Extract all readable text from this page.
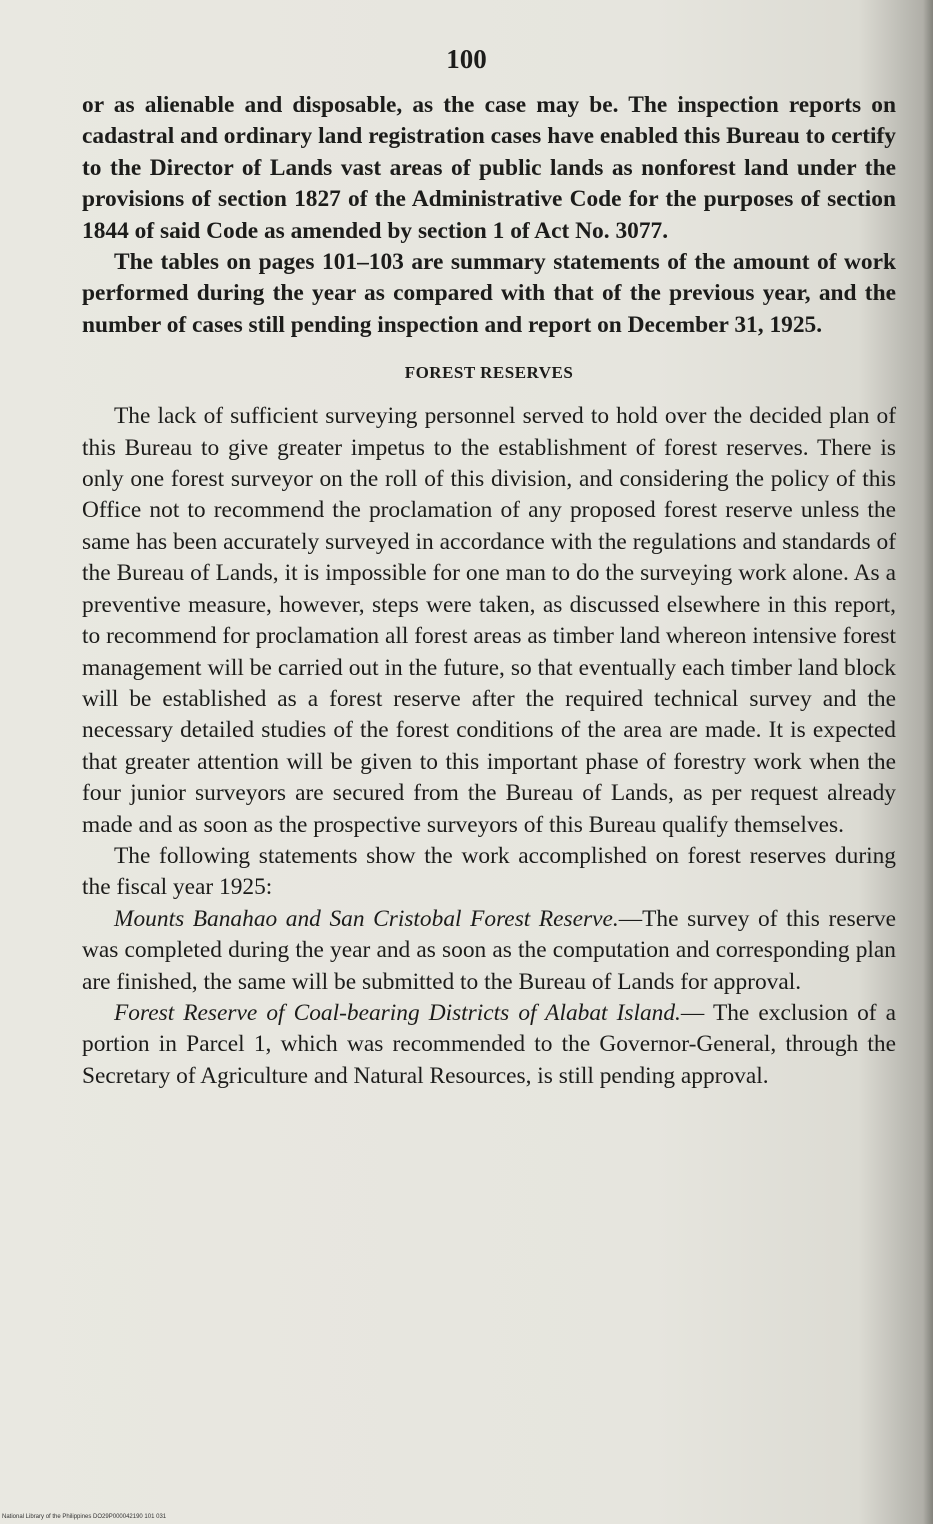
100

or as alienable and disposable, as the case may be. The inspection reports on cadastral and ordinary land registration cases have enabled this Bureau to certify to the Director of Lands vast areas of public lands as nonforest land under the provisions of section 1827 of the Administrative Code for the purposes of section 1844 of said Code as amended by section 1 of Act No. 3077.

The tables on pages 101–103 are summary statements of the amount of work performed during the year as compared with that of the previous year, and the number of cases still pending inspection and report on December 31, 1925.

FOREST RESERVES

The lack of sufficient surveying personnel served to hold over the decided plan of this Bureau to give greater impetus to the establishment of forest reserves. There is only one forest surveyor on the roll of this division, and considering the policy of this Office not to recommend the proclamation of any proposed forest reserve unless the same has been accurately surveyed in accordance with the regulations and standards of the Bureau of Lands, it is impossible for one man to do the surveying work alone. As a preventive measure, however, steps were taken, as discussed elsewhere in this report, to recommend for proclamation all forest areas as timber land whereon intensive forest management will be carried out in the future, so that eventually each timber land block will be established as a forest reserve after the required technical survey and the necessary detailed studies of the forest conditions of the area are made. It is expected that greater attention will be given to this important phase of forestry work when the four junior surveyors are secured from the Bureau of Lands, as per request already made and as soon as the prospective surveyors of this Bureau qualify themselves.

The following statements show the work accomplished on forest reserves during the fiscal year 1925:

Mounts Banahao and San Cristobal Forest Reserve.—The survey of this reserve was completed during the year and as soon as the computation and corresponding plan are finished, the same will be submitted to the Bureau of Lands for approval.

Forest Reserve of Coal-bearing Districts of Alabat Island.— The exclusion of a portion in Parcel 1, which was recommended to the Governor-General, through the Secretary of Agriculture and Natural Resources, is still pending approval.

National Library of the Philippines DO29P000042190 101 031
